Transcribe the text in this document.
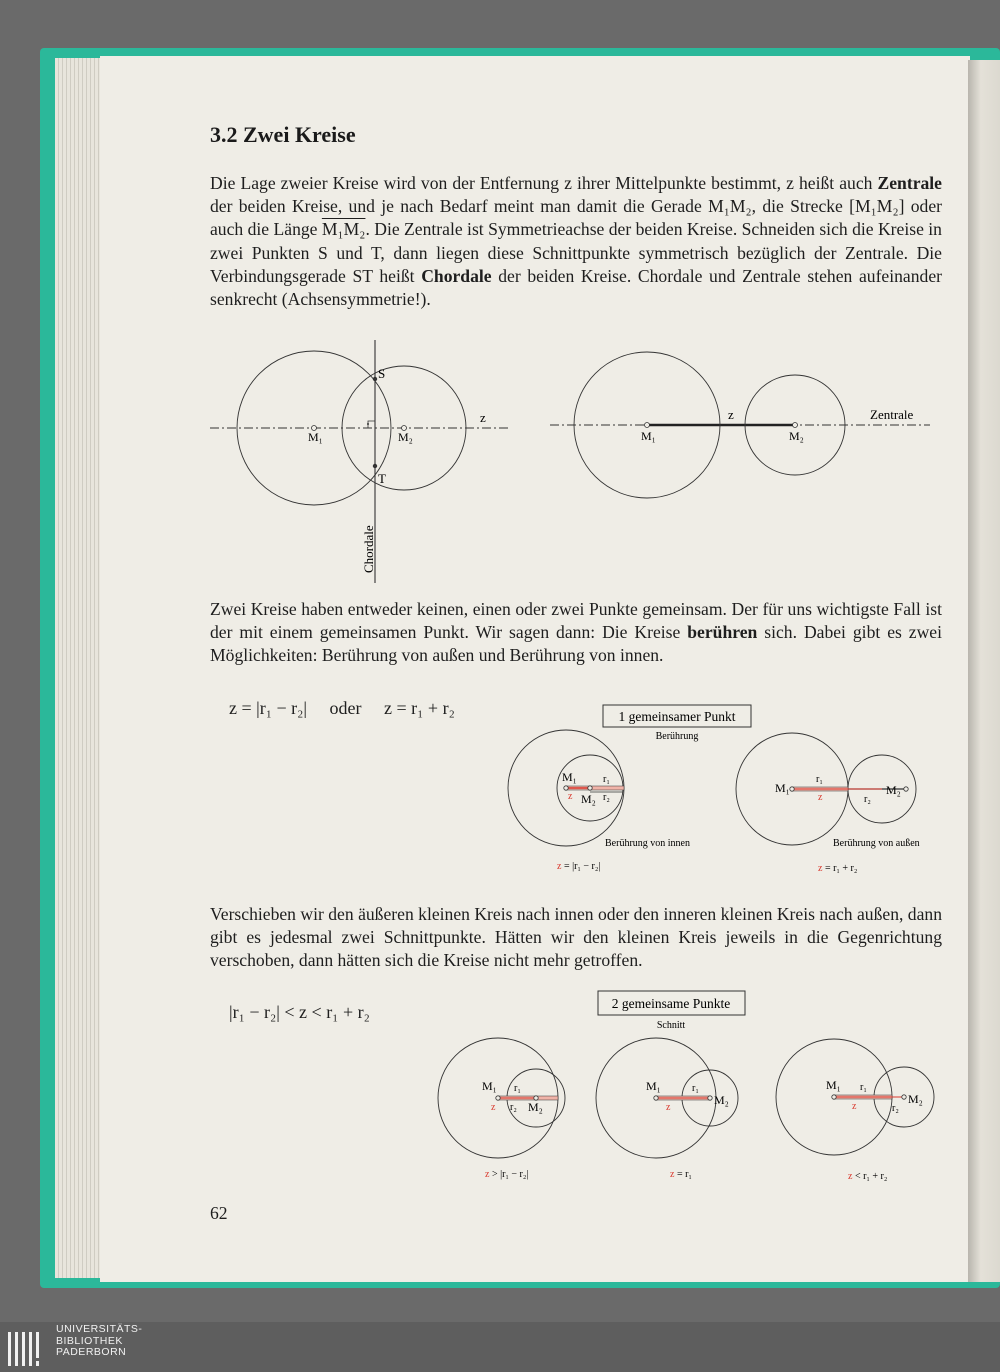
3.2 Zwei Kreise
Die Lage zweier Kreise wird von der Entfernung z ihrer Mittelpunkte bestimmt, z heißt auch Zentrale der beiden Kreise, und je nach Bedarf meint man damit die Gerade M₁M₂, die Strecke [M₁M₂] oder auch die Länge M₁M₂. Die Zentrale ist Symmetrieachse der beiden Kreise. Schneiden sich die Kreise in zwei Punkten S und T, dann liegen diese Schnittpunkte symmetrisch bezüglich der Zentrale. Die Verbindungsgerade ST heißt Chordale der beiden Kreise. Chordale und Zentrale stehen aufeinander senkrecht (Achsensymmetrie!).
S
T
M₁	M₂
z
Chordale
M₁	M₂
z	Zentrale
Zwei Kreise haben entweder keinen, einen oder zwei Punkte gemeinsam. Der für uns wichtigste Fall ist der mit einem gemeinsamen Punkt. Wir sagen dann: Die Kreise berühren sich. Dabei gibt es zwei Möglichkeiten: Berührung von außen und Berührung von innen.
z = |r₁ − r₂|     oder     z = r₁ + r₂	1 gemeinsamer Punkt
Berührung
M₁	r₁
z M₂ r₂
Berührung von innen
z = |r₁ − r₂|
M₁
r₁
z
M₂
r₂
Berührung von außen
z = r₁ + r₂
Verschieben wir den äußeren kleinen Kreis nach innen oder den inneren kleinen Kreis nach außen, dann gibt es jedesmal zwei Schnittpunkte. Hätten wir den kleinen Kreis jeweils in die Gegenrichtung verschoben, dann hätten sich die Kreise nicht mehr getroffen.
|r₁ − r₂| < z < r₁ + r₂	2 gemeinsame Punkte
Schnitt
M₁ r₁
z r₂ M₂
z > |r₁ − r₂|
M₁	r₁
z
M₂
z = r₁
M₁ r₁
z	r₂
M₂
z < r₁ + r₂
62
UNIVERSITÄTS-
BIBLIOTHEK
PADERBORN
